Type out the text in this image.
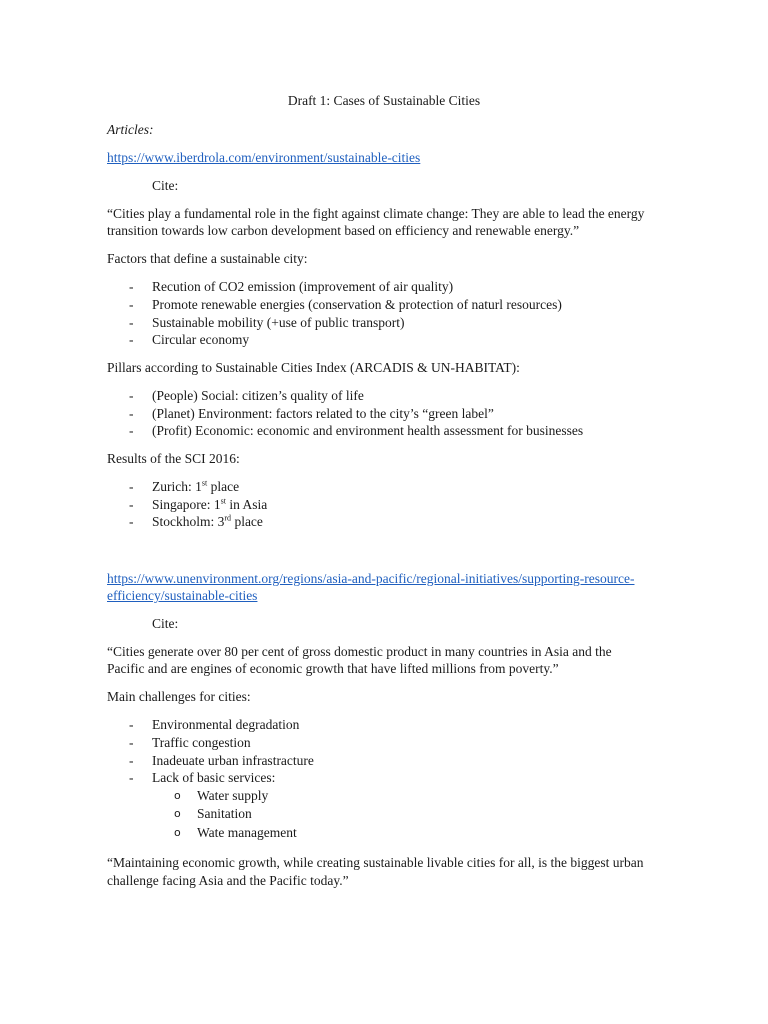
Draft 1: Cases of Sustainable Cities
Articles:
https://www.iberdrola.com/environment/sustainable-cities
Cite:
“Cities play a fundamental role in the fight against climate change: They are able to lead the energy
transition towards low carbon development based on efficiency and renewable energy.”
Factors that define a sustainable city:
- Recution of CO2 emission (improvement of air quality)
- Promote renewable energies (conservation & protection of naturl resources)
- Sustainable mobility (+use of public transport)
- Circular economy
Pillars according to Sustainable Cities Index (ARCADIS & UN-HABITAT):
- (People) Social: citizen’s quality of life
- (Planet) Environment: factors related to the city’s “green label”
- (Profit) Economic: economic and environment health assessment for businesses
Results of the SCI 2016:
- Zurich: 1st place
- Singapore: 1st in Asia
- Stockholm: 3rd place
https://www.unenvironment.org/regions/asia-and-pacific/regional-initiatives/supporting-resource-
efficiency/sustainable-cities
Cite:
“Cities generate over 80 per cent of gross domestic product in many countries in Asia and the
Pacific and are engines of economic growth that have lifted millions from poverty.”
Main challenges for cities:
- Environmental degradation
- Traffic congestion
- Inadeuate urban infrastracture
- Lack of basic services:
o Water supply
o Sanitation
o Wate management
“Maintaining economic growth, while creating sustainable livable cities for all, is the biggest urban
challenge facing Asia and the Pacific today.”
